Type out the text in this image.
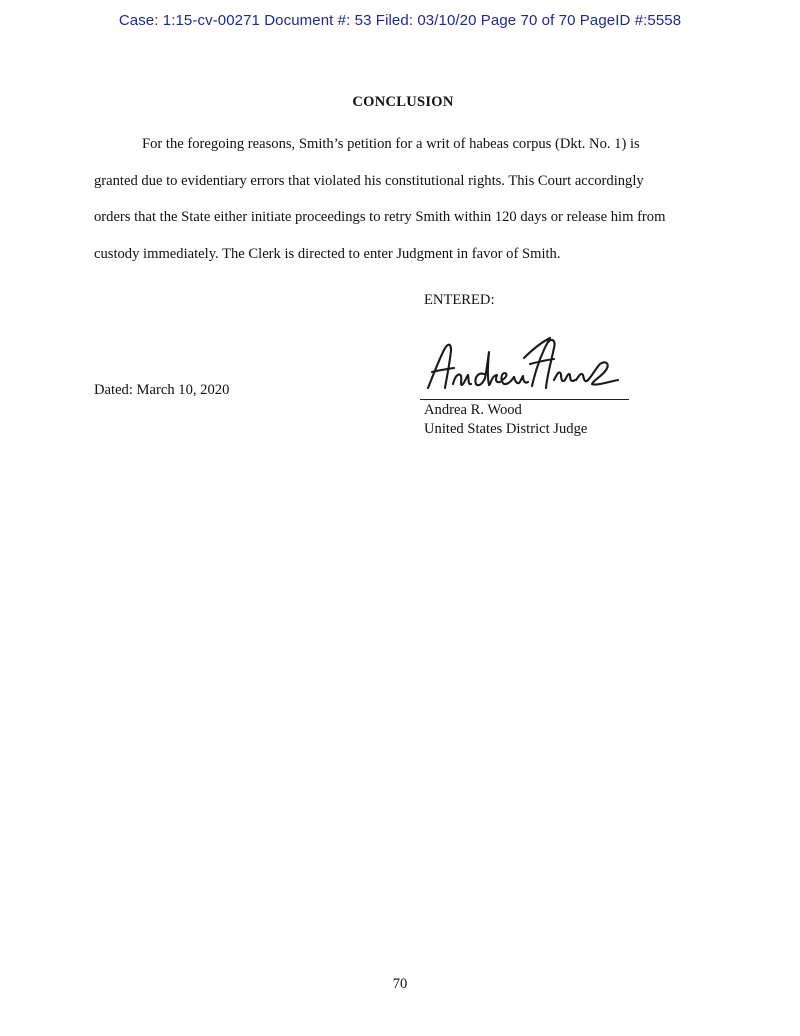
Case: 1:15-cv-00271 Document #: 53 Filed: 03/10/20 Page 70 of 70 PageID #:5558
CONCLUSION
For the foregoing reasons, Smith’s petition for a writ of habeas corpus (Dkt. No. 1) is
granted due to evidentiary errors that violated his constitutional rights. This Court accordingly
orders that the State either initiate proceedings to retry Smith within 120 days or release him from
custody immediately. The Clerk is directed to enter Judgment in favor of Smith.
ENTERED:
Andrea R. Wood
United States District Judge
Dated: March 10, 2020
70
